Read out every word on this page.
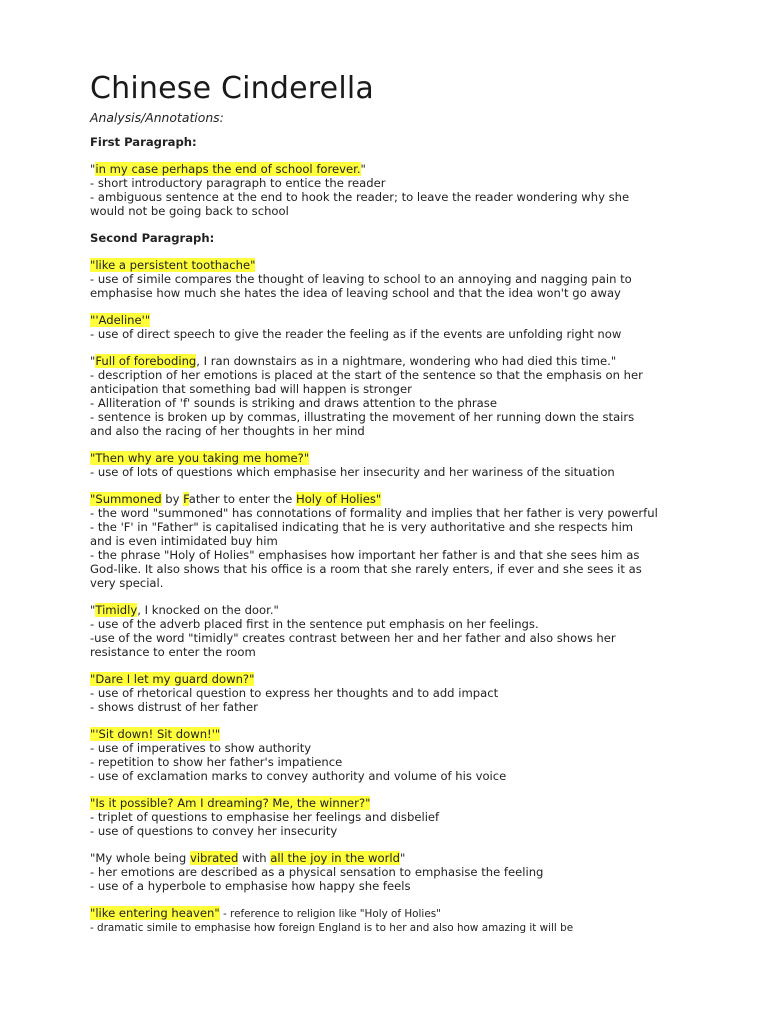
Chinese Cinderella
Analysis/Annotations:
First Paragraph:
"in my case perhaps the end of school forever."
- short introductory paragraph to entice the reader
- ambiguous sentence at the end to hook the reader; to leave the reader wondering why she
would not be going back to school
Second Paragraph:
"like a persistent toothache"
- use of simile compares the thought of leaving to school to an annoying and nagging pain to
emphasise how much she hates the idea of leaving school and that the idea won't go away
"'Adeline'"
- use of direct speech to give the reader the feeling as if the events are unfolding right now
"Full of foreboding, I ran downstairs as in a nightmare, wondering who had died this time."
- description of her emotions is placed at the start of the sentence so that the emphasis on her
anticipation that something bad will happen is stronger
- Alliteration of 'f' sounds is striking and draws attention to the phrase
- sentence is broken up by commas, illustrating the movement of her running down the stairs
and also the racing of her thoughts in her mind
"Then why are you taking me home?"
- use of lots of questions which emphasise her insecurity and her wariness of the situation
"Summoned by Father to enter the Holy of Holies"
- the word "summoned" has connotations of formality and implies that her father is very powerful
- the 'F' in "Father" is capitalised indicating that he is very authoritative and she respects him
and is even intimidated buy him
- the phrase "Holy of Holies" emphasises how important her father is and that she sees him as
God-like. It also shows that his office is a room that she rarely enters, if ever and she sees it as
very special.
"Timidly, I knocked on the door."
- use of the adverb placed first in the sentence put emphasis on her feelings.
-use of the word "timidly" creates contrast between her and her father and also shows her
resistance to enter the room
"Dare I let my guard down?"
- use of rhetorical question to express her thoughts and to add impact
- shows distrust of her father
"'Sit down! Sit down!'"
- use of imperatives to show authority
- repetition to show her father's impatience
- use of exclamation marks to convey authority and volume of his voice
"Is it possible? Am I dreaming? Me, the winner?"
- triplet of questions to emphasise her feelings and disbelief
- use of questions to convey her insecurity
"My whole being vibrated with all the joy in the world"
- her emotions are described as a physical sensation to emphasise the feeling
- use of a hyperbole to emphasise how happy she feels
"like entering heaven" - reference to religion like "Holy of Holies"
- dramatic simile to emphasise how foreign England is to her and also how amazing it will be
